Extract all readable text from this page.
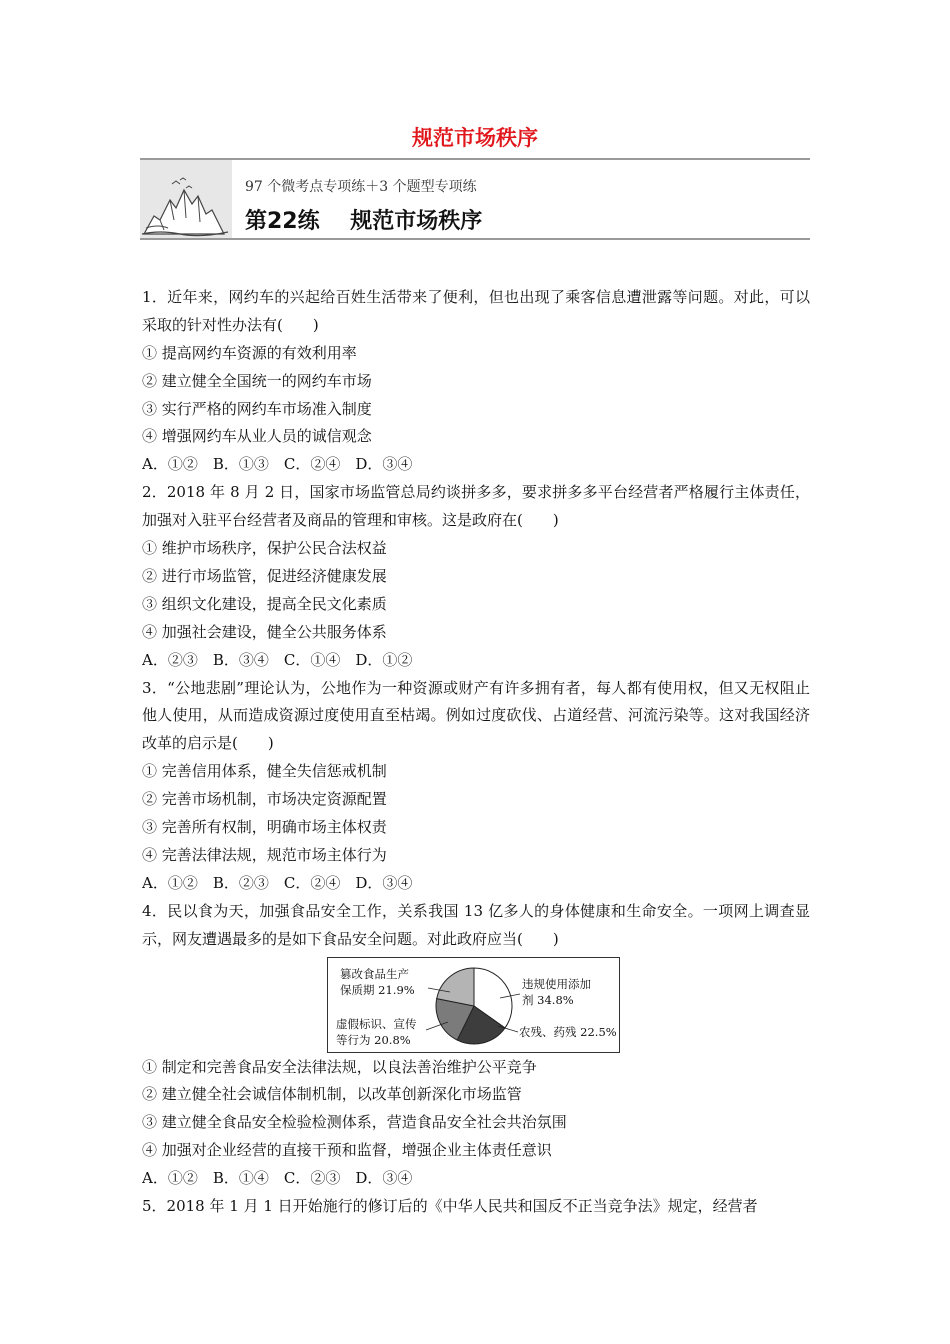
规范市场秩序
97 个微考点专项练＋3 个题型专项练
第22练    规范市场秩序
1．近年来，网约车的兴起给百姓生活带来了便利，但也出现了乘客信息遭泄露等问题。对此，可以采取的针对性办法有(　　)
① 提高网约车资源的有效利用率
② 建立健全全国统一的网约车市场
③ 实行严格的网约车市场准入制度
④ 增强网约车从业人员的诚信观念
A．①②　B．①③　C．②④　D．③④
2．2018 年 8 月 2 日，国家市场监管总局约谈拼多多，要求拼多多平台经营者严格履行主体责任，加强对入驻平台经营者及商品的管理和审核。这是政府在(　　)
① 维护市场秩序，保护公民合法权益
② 进行市场监管，促进经济健康发展
③ 组织文化建设，提高全民文化素质
④ 加强社会建设，健全公共服务体系
A．②③　B．③④　C．①④　D．①②
3．“公地悲剧”理论认为，公地作为一种资源或财产有许多拥有者，每人都有使用权，但又无权阻止他人使用，从而造成资源过度使用直至枯竭。例如过度砍伐、占道经营、河流污染等。这对我国经济改革的启示是(　　)
① 完善信用体系，健全失信惩戒机制
② 完善市场机制，市场决定资源配置
③ 完善所有权制，明确市场主体权责
④ 完善法律法规，规范市场主体行为
A．①②　B．②③　C．②④　D．③④
4．民以食为天，加强食品安全工作，关系我国 13 亿多人的身体健康和生命安全。一项网上调查显示，网友遭遇最多的是如下食品安全问题。对此政府应当(　　)
违规使用添加
剂 34.8%
农残、药残 22.5%
虚假标识、宣传
等行为 20.8%
篡改食品生产
保质期 21.9%
① 制定和完善食品安全法律法规，以良法善治维护公平竞争
② 建立健全社会诚信体制机制，以改革创新深化市场监管
③ 建立健全食品安全检验检测体系，营造食品安全社会共治氛围
④ 加强对企业经营的直接干预和监督，增强企业主体责任意识
A．①②　B．①④　C．②③　D．③④
5．2018 年 1 月 1 日开始施行的修订后的《中华人民共和国反不正当竞争法》规定，经营者
